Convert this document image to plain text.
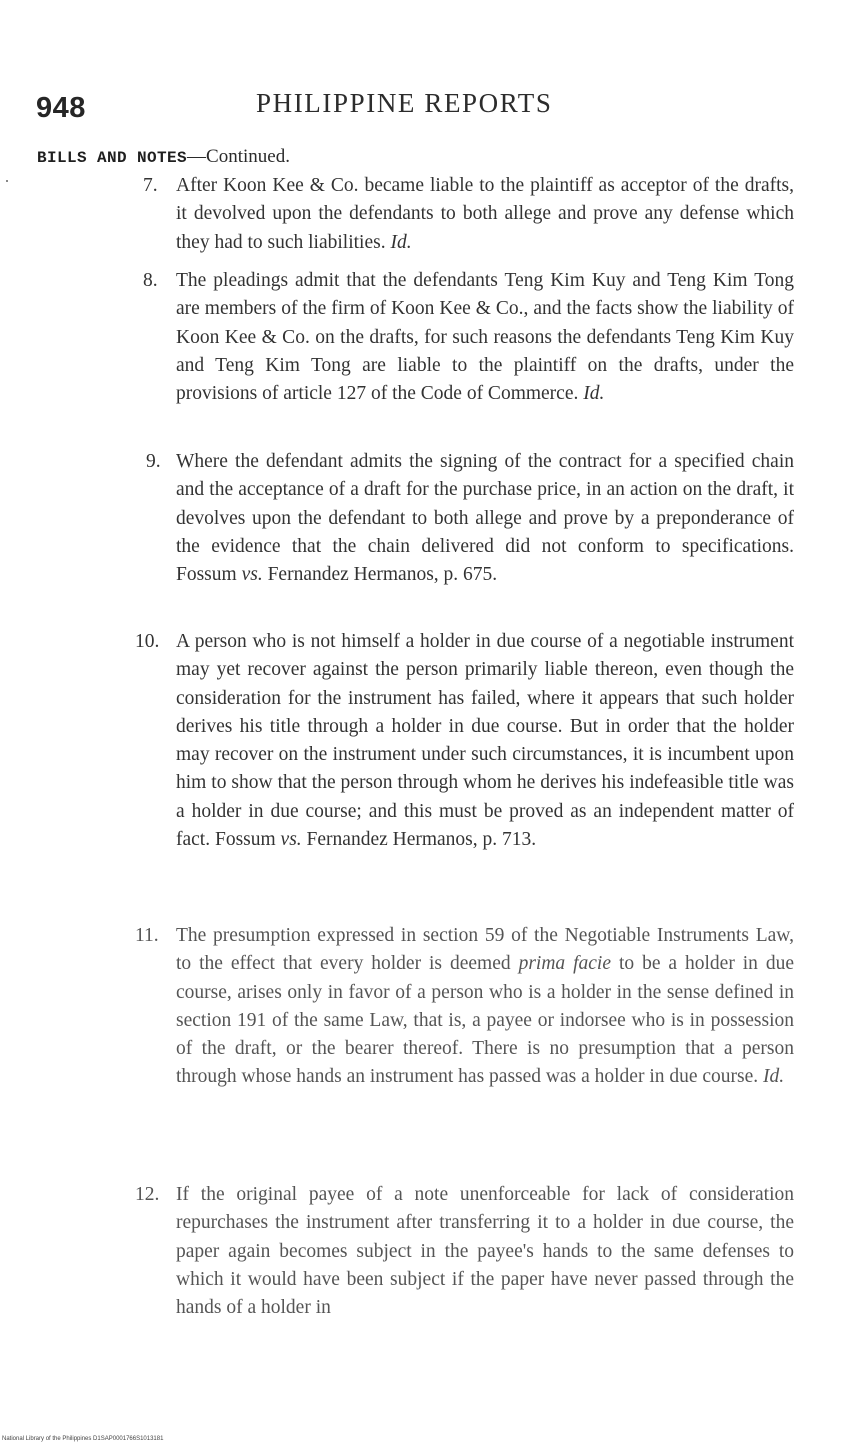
948	PHILIPPINE REPORTS
BILLS AND NOTES—Continued.
7. After Koon Kee & Co. became liable to the plaintiff as acceptor of the drafts, it devolved upon the defendants to both allege and prove any defense which they had to such liabilities. Id.
8. The pleadings admit that the defendants Teng Kim Kuy and Teng Kim Tong are members of the firm of Koon Kee & Co., and the facts show the liability of Koon Kee & Co. on the drafts, for such reasons the defendants Teng Kim Kuy and Teng Kim Tong are liable to the plaintiff on the drafts, under the provisions of article 127 of the Code of Commerce. Id.
9. Where the defendant admits the signing of the contract for a specified chain and the acceptance of a draft for the purchase price, in an action on the draft, it devolves upon the defendant to both allege and prove by a preponderance of the evidence that the chain delivered did not conform to specifications. Fossum vs. Fernandez Hermanos, p. 675.
10. A person who is not himself a holder in due course of a negotiable instrument may yet recover against the person primarily liable thereon, even though the consideration for the instrument has failed, where it appears that such holder derives his title through a holder in due course. But in order that the holder may recover on the instrument under such circumstances, it is incumbent upon him to show that the person through whom he derives his indefeasible title was a holder in due course; and this must be proved as an independent matter of fact. Fossum vs. Fernandez Hermanos, p. 713.
11. The presumption expressed in section 59 of the Negotiable Instruments Law, to the effect that every holder is deemed prima facie to be a holder in due course, arises only in favor of a person who is a holder in the sense defined in section 191 of the same Law, that is, a payee or indorsee who is in possession of the draft, or the bearer thereof. There is no presumption that a person through whose hands an instrument has passed was a holder in due course. Id.
12. If the original payee of a note unenforceable for lack of consideration repurchases the instrument after transferring it to a holder in due course, the paper again becomes subject in the payee's hands to the same defenses to which it would have been subject if the paper have never passed through the hands of a holder in
National Library of the Philippines D1SAP0001766S1013181
